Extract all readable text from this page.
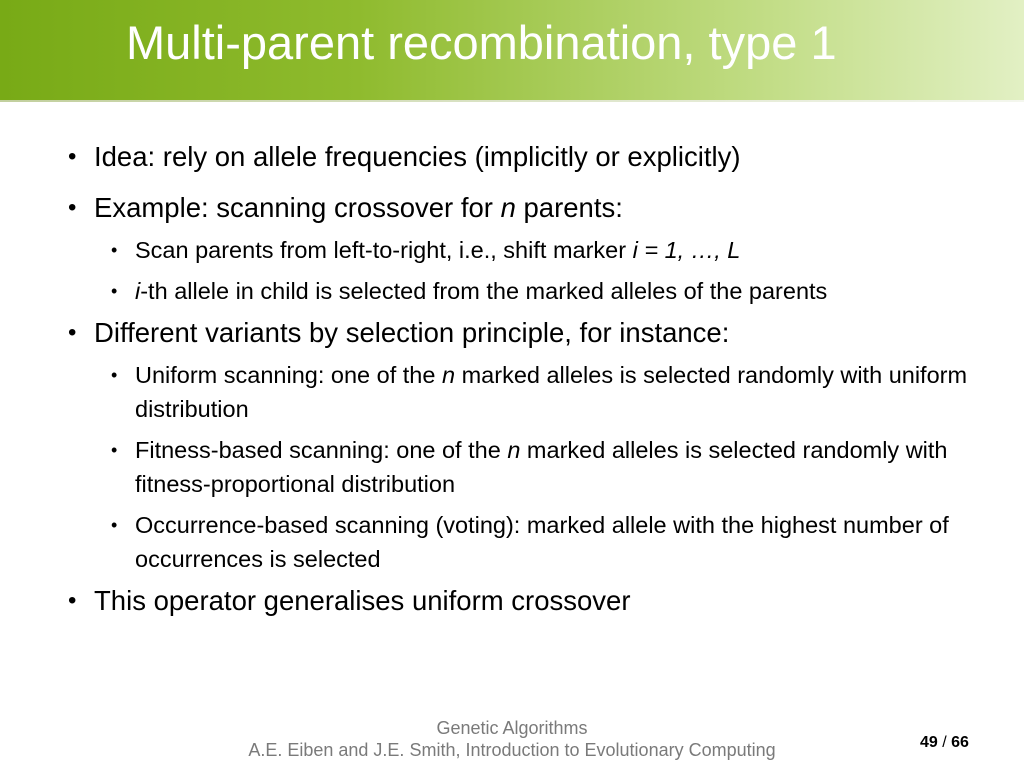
Multi-parent recombination, type 1
• Idea: rely on allele frequencies (implicitly or explicitly)
• Example: scanning crossover for n parents:
• Scan parents from left-to-right, i.e., shift marker i = 1, …, L
• i-th allele in child is selected from the marked alleles of the parents
• Different variants by selection principle, for instance:
• Uniform scanning: one of the n marked alleles is selected randomly with uniform distribution
• Fitness-based scanning: one of the n marked alleles is selected randomly with fitness-proportional distribution
• Occurrence-based scanning (voting): marked allele with the highest number of occurrences is selected
• This operator generalises uniform crossover
Genetic Algorithms
A.E. Eiben and J.E. Smith, Introduction to Evolutionary Computing	49 / 66
